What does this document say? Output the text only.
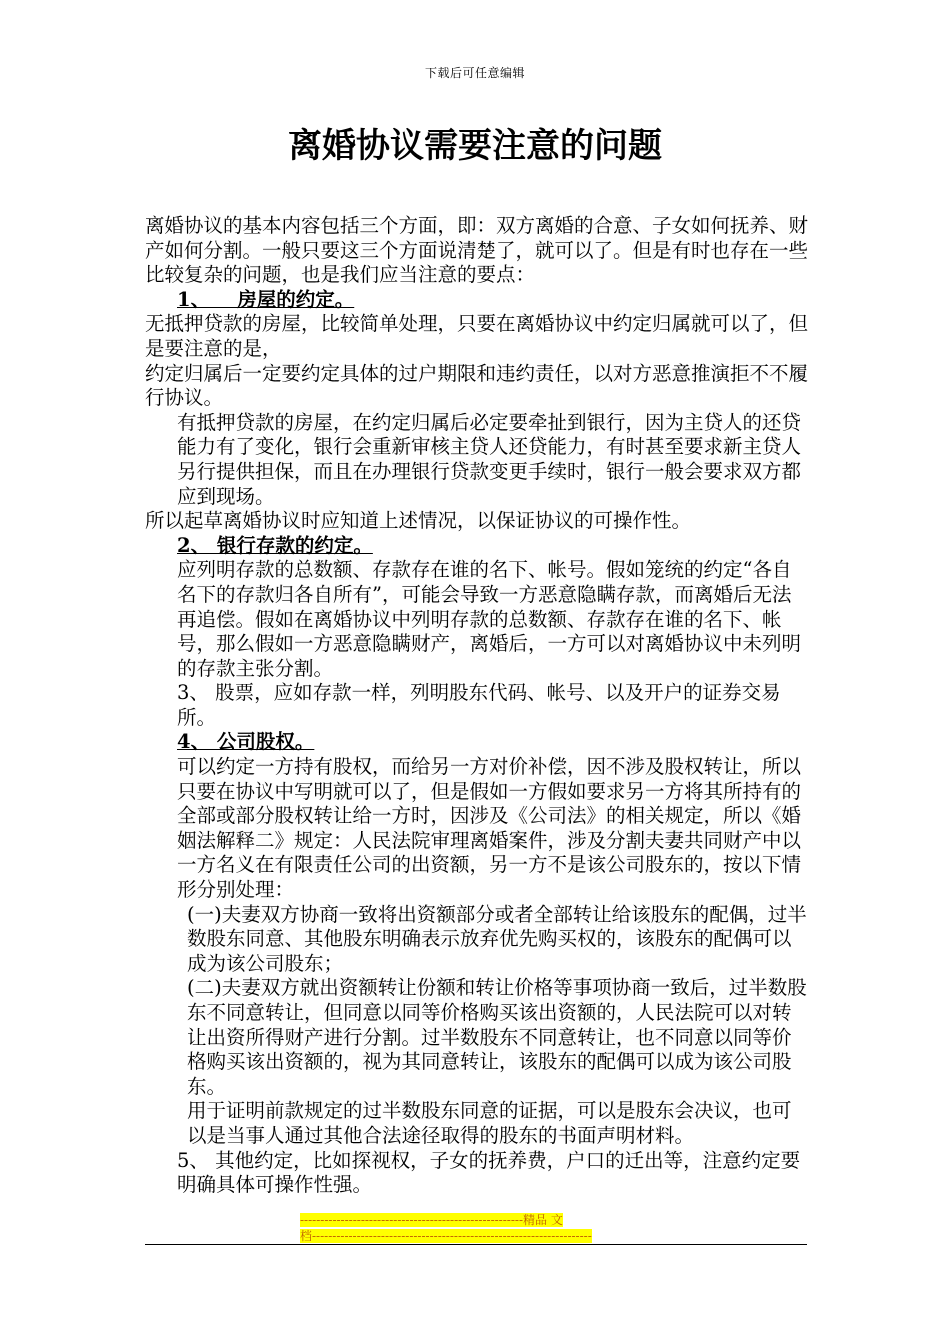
下载后可任意编辑
离婚协议需要注意的问题

离婚协议的基本内容包括三个方面，即：双方离婚的合意、子女如何抚养、财产如何分割。一般只要这三个方面说清楚了，就可以了。但是有时也存在一些比较复杂的问题，也是我们应当注意的要点：

1、    房屋的约定。

无抵押贷款的房屋，比较简单处理，只要在离婚协议中约定归属就可以了，但是要注意的是，

约定归属后一定要约定具体的过户期限和违约责任，以对方恶意推演拒不不履行协议。

有抵押贷款的房屋，在约定归属后必定要牵扯到银行，因为主贷人的还贷能力有了变化，银行会重新审核主贷人还贷能力，有时甚至要求新主贷人另行提供担保，而且在办理银行贷款变更手续时，银行一般会要求双方都应到现场。

所以起草离婚协议时应知道上述情况，以保证协议的可操作性。

2、 银行存款的约定。

应列明存款的总数额、存款存在谁的名下、帐号。假如笼统的约定“各自名下的存款归各自所有”，可能会导致一方恶意隐瞒存款，而离婚后无法再追偿。假如在离婚协议中列明存款的总数额、存款存在谁的名下、帐号，那么假如一方恶意隐瞒财产，离婚后，一方可以对离婚协议中未列明的存款主张分割。

3、 股票，应如存款一样，列明股东代码、帐号、以及开户的证券交易所。

4、 公司股权。

可以约定一方持有股权，而给另一方对价补偿，因不涉及股权转让，所以只要在协议中写明就可以了，但是假如一方假如要求另一方将其所持有的全部或部分股权转让给一方时，因涉及《公司法》的相关规定，所以《婚姻法解释二》规定：人民法院审理离婚案件，涉及分割夫妻共同财产中以一方名义在有限责任公司的出资额，另一方不是该公司股东的，按以下情形分别处理：

(一)夫妻双方协商一致将出资额部分或者全部转让给该股东的配偶，过半数股东同意、其他股东明确表示放弃优先购买权的，该股东的配偶可以成为该公司股东；

(二)夫妻双方就出资额转让份额和转让价格等事项协商一致后，过半数股东不同意转让，但同意以同等价格购买该出资额的，人民法院可以对转让出资所得财产进行分割。过半数股东不同意转让，也不同意以同等价格购买该出资额的，视为其同意转让，该股东的配偶可以成为该公司股东。

用于证明前款规定的过半数股东同意的证据，可以是股东会决议，也可以是当事人通过其他合法途径取得的股东的书面声明材料。

5、 其他约定，比如探视权，子女的抚养费，户口的迁出等，注意约定要明确具体可操作性强。

-------------------------------------------------------精品 文
档---------------------------------------------------------------------
